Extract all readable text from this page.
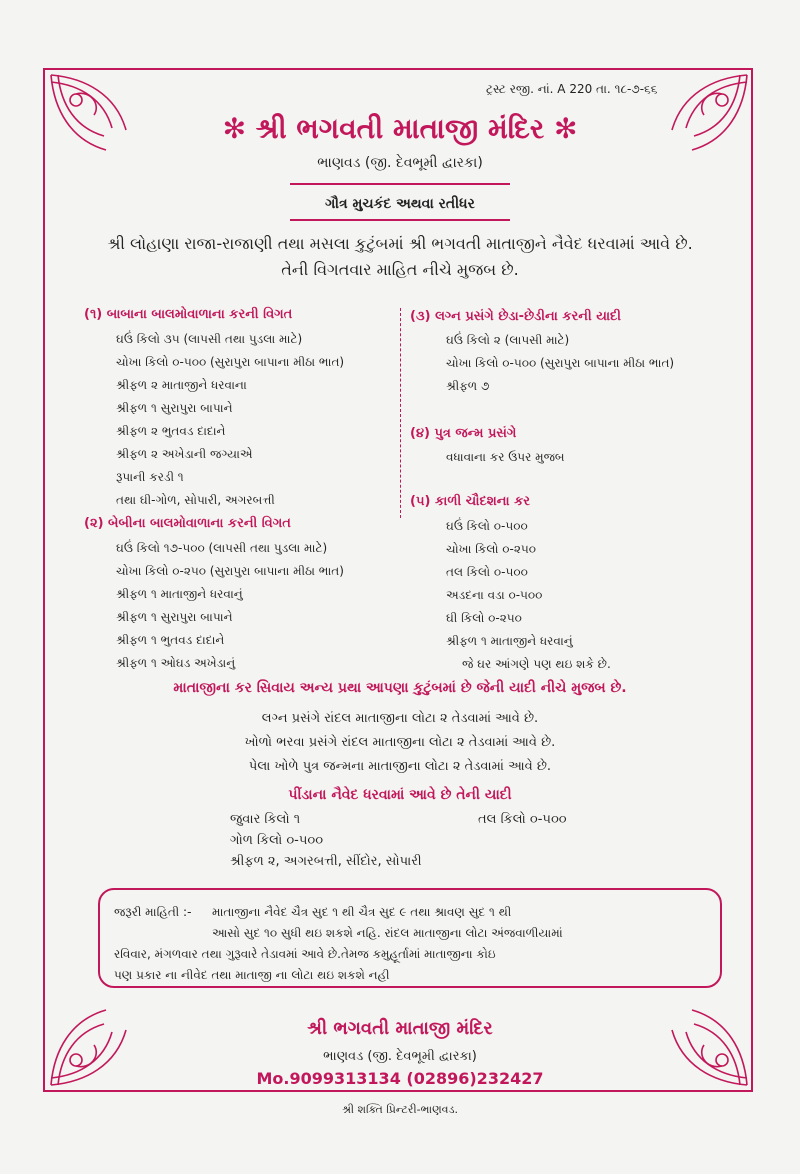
ટ્રસ્ટ રજી. નાં. A 220 તા. ૧૮-૭-૬૬
✻ શ્રી ભગવતી માતાજી મંદિર ✻
ભાણવડ (જી. દેવભૂમી દ્વારકા)
ગૌત્ર મુચકંદ અથવા રતીધર
શ્રી લોહાણા રાજા-રાજાણી તથા મસલા કુટુંબમાં શ્રી ભગવતી માતાજીને નૈવેદ ધરવામાં આવે છે.
તેની વિગતવાર માહિત નીચે મુજબ છે.
(૧) બાબાના બાલમોવાળાના કરની વિગત
ઘઉં કિલો ૩૫ (લાપસી તથા પુડલા માટે)
ચોખા કિલો ૦-૫૦૦ (સુરાપુરા બાપાના મીઠા ભાત)
શ્રીફળ ૨ માતાજીને ધરવાના
શ્રીફળ ૧ સુરાપુરા બાપાને
શ્રીફળ ૨ ભુતવડ દાદાને
શ્રીફળ ૨ અખેડાની જગ્યાએ
રૂપાની કરડી ૧
તથા ઘી-ગોળ, સોપારી, અગરબત્તી
(૨) બેબીના બાલમોવાળાના કરની વિગત
ઘઉં કિલો ૧૭-૫૦૦ (લાપસી તથા પુડલા માટે)
ચોખા કિલો ૦-૨૫૦ (સુરાપુરા બાપાના મીઠા ભાત)
શ્રીફળ ૧ માતાજીને ધરવાનું
શ્રીફળ ૧ સુરાપુરા બાપાને
શ્રીફળ ૧ ભુતવડ દાદાને
શ્રીફળ ૧ ઓઘડ અખેડાનું
(૩) લગ્ન પ્રસંગે છેડા-છેડીના કરની યાદી
ઘઉં કિલો ૨ (લાપસી માટે)
ચોખા કિલો ૦-૫૦૦ (સુરાપુરા બાપાના મીઠા ભાત)
શ્રીફળ ૭
(૪) પુત્ર જન્મ પ્રસંગે
વધાવાના કર ઉપર મુજબ
(૫) કાળી ચૌદશના કર
ઘઉં કિલો ૦-૫૦૦
ચોખા કિલો ૦-૨૫૦
તલ કિલો ૦-૫૦૦
અડદના વડા ૦-૫૦૦
ઘી કિલો ૦-૨૫૦
શ્રીફળ ૧ માતાજીને ધરવાનું
જે ઘર આંગણે પણ થઇ શકે છે.
માતાજીના કર સિવાય અન્ય પ્રથા આપણા કુટુંબમાં છે જેની યાદી નીચે મુજબ છે.
લગ્ન પ્રસંગે રાંદલ માતાજીના લોટા ૨ તેડવામાં આવે છે.
ખોળો ભરવા પ્રસંગે રાંદલ માતાજીના લોટા ૨ તેડવામાં આવે છે.
પેલા ખોળે પુત્ર જન્મના માતાજીના લોટા ૨ તેડવામાં આવે છે.
પીંડાના નૈવેદ ધરવામાં આવે છે તેની યાદી
જુવાર કિલો ૧	તલ કિલો ૦-૫૦૦
ગોળ કિલો ૦-૫૦૦
શ્રીફળ ૨, અગરબત્તી, સીંદોર, સોપારી
જરૂરી માહિતી :- માતાજીના નૈવેદ ચૈત્ર સુદ ૧ થી ચૈત્ર સુદ ૯ તથા શ્રાવણ સુદ ૧ થી
આસો સુદ ૧૦ સુધી થઇ શકશે નહિ. રાંદલ માતાજીના લોટા અંજવાળીયામાં
રવિવાર, મંગળવાર તથા ગુરૂવારે તેડાવમાં આવે છે.તેમજ કમુહૂર્તામાં માતાજીના કોઇ
પણ પ્રકાર ના નીવેદ તથા માતાજી ના લોટા થઇ શકશે નહી
શ્રી ભગવતી માતાજી મંદિર
ભાણવડ (જી. દેવભૂમી દ્વારકા)
Mo.9099313134 (02896)232427
શ્રી શક્તિ પ્રિન્ટરી-ભાણવડ.
